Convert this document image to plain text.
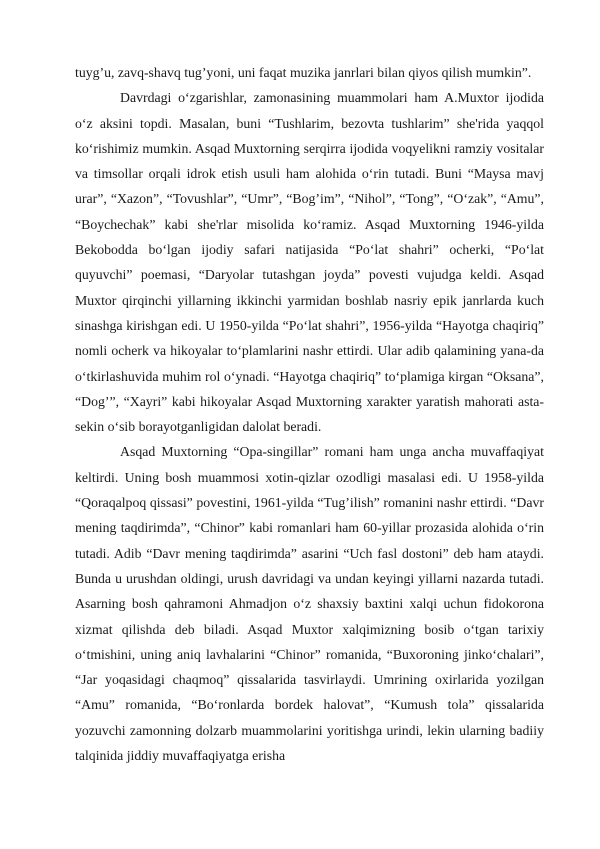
tuyg’u, zavq-shavq tug’yoni, uni faqat muzika janrlari bilan qiyos qilish mumkin”.

Davrdagi o‘zgarishlar, zamonasining muammolari ham A.Muxtor ijodida o‘z aksini topdi. Masalan, buni “Tushlarim, bezovta tushlarim” she'rida yaqqol ko‘rishimiz mumkin. Asqad Muxtorning serqirra ijodida voqyelikni ramziy vositalar va timsollar orqali idrok etish usuli ham alohida o‘rin tutadi. Buni “Maysa mavj urar”, “Xazon”, “Tovushlar”, “Umr”, “Bog’im”, “Nihol”, “Tong”, “O‘zak”, “Amu”, “Boychechak” kabi she'rlar misolida ko‘ramiz. Asqad Muxtorning 1946-yilda Bekobodda bo‘lgan ijodiy safari natijasida “Po‘lat shahri” ocherki, “Po‘lat quyuvchi” poemasi, “Daryolar tutashgan joyda” povesti vujudga keldi. Asqad Muxtor qirqinchi yillarning ikkinchi yarmidan boshlab nasriy epik janrlarda kuch sinashga kirishgan edi. U 1950-yilda “Po‘lat shahri”, 1956-yilda “Hayotga chaqiriq” nomli ocherk va hikoyalar to‘plamlarini nashr ettirdi. Ular adib qalamining yana-da o‘tkirlashuvida muhim rol o‘ynadi. “Hayotga chaqiriq” to‘plamiga kirgan “Oksana”, “Dog’”, “Xayri” kabi hikoyalar Asqad Muxtorning xarakter yaratish mahorati asta-sekin o‘sib borayotganligidan dalolat beradi.

Asqad Muxtorning “Opa-singillar” romani ham unga ancha muvaffaqiyat keltirdi. Uning bosh muammosi xotin-qizlar ozodligi masalasi edi. U 1958-yilda “Qoraqalpoq qissasi” povestini, 1961-yilda “Tug’ilish” romanini nashr ettirdi. “Davr mening taqdirimda”, “Chinor” kabi romanlari ham 60-yillar prozasida alohida o‘rin tutadi. Adib “Davr mening taqdirimda” asarini “Uch fasl dostoni” deb ham ataydi. Bunda u urushdan oldingi, urush davridagi va undan keyingi yillarni nazarda tutadi. Asarning bosh qahramoni Ahmadjon o‘z shaxsiy baxtini xalqi uchun fidokorona xizmat qilishda deb biladi. Asqad Muxtor xalqimizning bosib o‘tgan tarixiy o‘tmishini, uning aniq lavhalarini “Chinor” romanida, “Buxoroning jinko‘chalari”, “Jar yoqasidagi chaqmoq” qissalarida tasvirlaydi. Umrining oxirlarida yozilgan “Amu” romanida, “Bo‘ronlarda bordek halovat”, “Kumush tola” qissalarida yozuvchi zamonning dolzarb muammolarini yoritishga urindi, lekin ularning badiiy talqinida jiddiy muvaffaqiyatga erisha
